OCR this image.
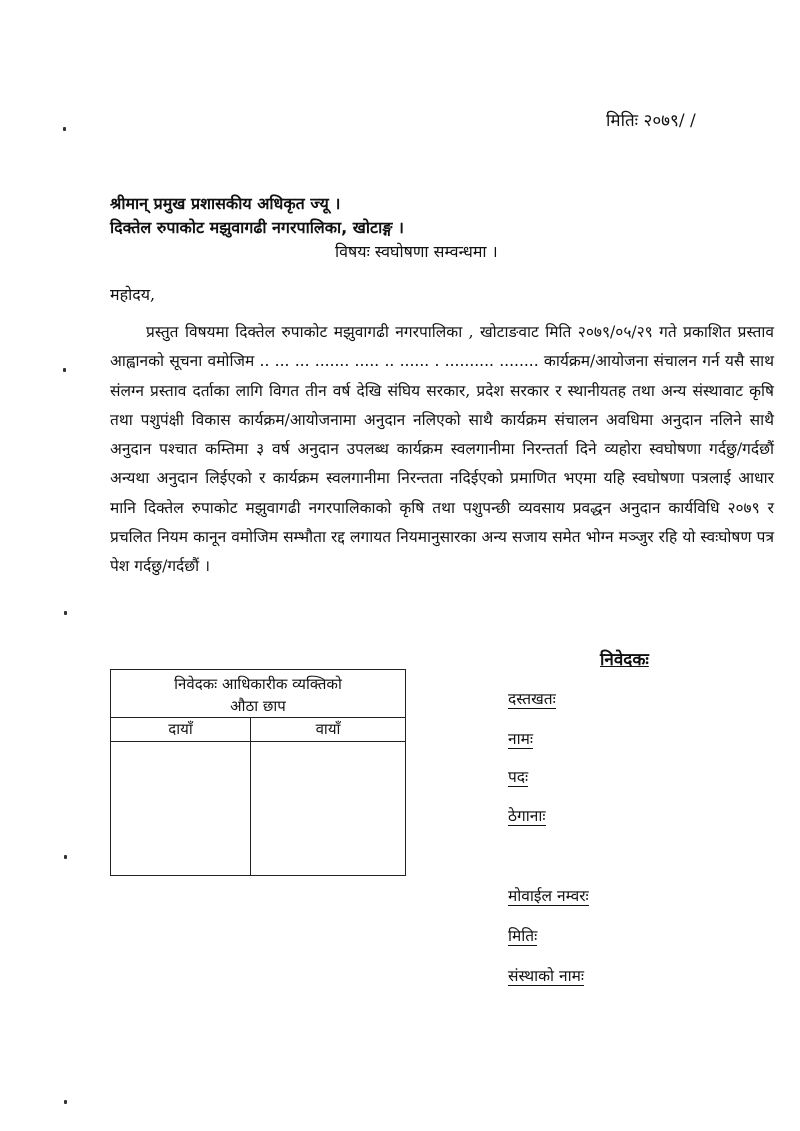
मितिः २०७९/ /
श्रीमान् प्रमुख प्रशासकीय अधिकृत ज्यू ।
दिक्तेल रुपाकोट मझुवागढी नगरपालिका, खोटाङ्ग ।
विषयः स्वघोषणा सम्वन्धमा ।
महोदय,

प्रस्तुत विषयमा दिक्तेल रुपाकोट मझुवागढी नगरपालिका , खोटाङवाट मिति २०७९/०५/२९ गते प्रकाशित प्रस्ताव आह्वानको सूचना वमोजिम .. ... ... ....... ..... .. ...... . .......... ........ कार्यक्रम/आयोजना संचालन गर्न यसै साथ संलग्न प्रस्ताव दर्ताका लागि विगत तीन वर्ष देखि संघिय सरकार, प्रदेश सरकार र स्थानीयतह तथा अन्य संस्थावाट कृषि तथा पशुपंक्षी विकास कार्यक्रम/आयोजनामा अनुदान नलिएको साथै कार्यक्रम संचालन अवधिमा अनुदान नलिने साथै अनुदान पश्चात कम्तिमा ३ वर्ष अनुदान उपलब्ध कार्यक्रम स्वलगानीमा निरन्तर्ता दिने व्यहोरा स्वघोषणा गर्दछु/गर्दछौं अन्यथा अनुदान लिईएको र कार्यक्रम स्वलगानीमा निरन्तता नदिईएको प्रमाणित भएमा यहि स्वघोषणा पत्रलाई आधार मानि दिक्तेल रुपाकोट मझुवागढी नगरपालिकाको कृषि तथा पशुपन्छी व्यवसाय प्रवद्धन अनुदान कार्यविधि २०७९ र प्रचलित नियम कानून वमोजिम सम्भौता रद्द लगायत नियमानुसारका अन्य सजाय समेत भोग्न मञ्जुर रहि यो स्वःघोषण पत्र पेश गर्दछु/गर्दछौं ।

निवेदकः आधिकारीक व्यक्तिको
औठा छाप
दायाँ	वायाँ
निवेदकः
दस्तखतः
नामः
पदः
ठेगानाः
मोवाईल नम्वरः
मितिः
संस्थाको नामः
